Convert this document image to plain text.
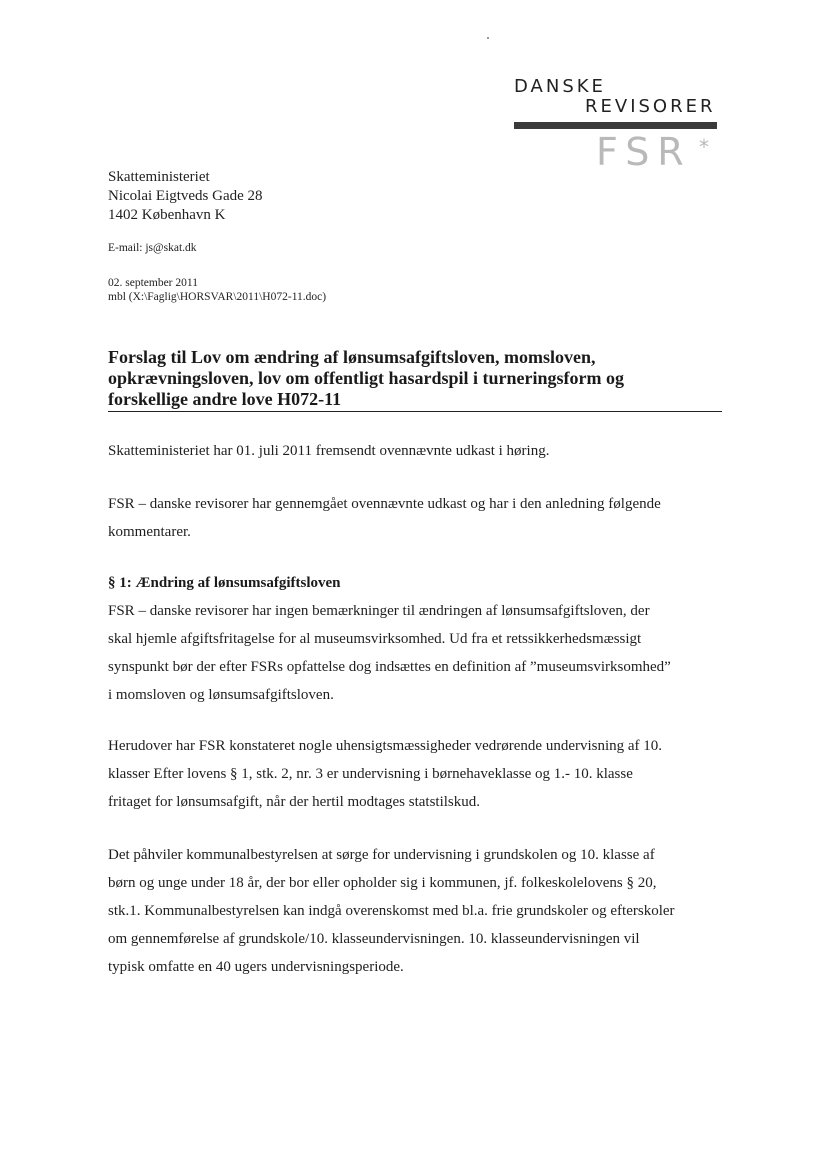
DANSKE
REVISORER
FSR *
Skatteministeriet
Nicolai Eigtveds Gade 28
1402 København K
E-mail: js@skat.dk
02. september 2011
mbl (X:\Faglig\HORSVAR\2011\H072-11.doc)
Forslag til Lov om ændring af lønsumsafgiftsloven, momsloven,
opkrævningsloven, lov om offentligt hasardspil i turneringsform og
forskellige andre love H072-11
Skatteministeriet har 01. juli 2011 fremsendt ovennævnte udkast i høring.
FSR – danske revisorer har gennemgået ovennævnte udkast og har i den anledning følgende
kommentarer.
§ 1: Ændring af lønsumsafgiftsloven
FSR – danske revisorer har ingen bemærkninger til ændringen af lønsumsafgiftsloven, der
skal hjemle afgiftsfritagelse for al museumsvirksomhed. Ud fra et retssikkerhedsmæssigt
synspunkt bør der efter FSRs opfattelse dog indsættes en definition af ”museumsvirksomhed”
i momsloven og lønsumsafgiftsloven.
Herudover har FSR konstateret nogle uhensigtsmæssigheder vedrørende undervisning af 10.
klasser Efter lovens § 1, stk. 2, nr. 3 er undervisning i børnehaveklasse og 1.- 10. klasse
fritaget for lønsumsafgift, når der hertil modtages statstilskud.
Det påhviler kommunalbestyrelsen at sørge for undervisning i grundskolen og 10. klasse af
børn og unge under 18 år, der bor eller opholder sig i kommunen, jf. folkeskolelovens § 20,
stk.1. Kommunalbestyrelsen kan indgå overenskomst med bl.a. frie grundskoler og efterskoler
om gennemførelse af grundskole/10. klasseundervisningen. 10. klasseundervisningen vil
typisk omfatte en 40 ugers undervisningsperiode.
